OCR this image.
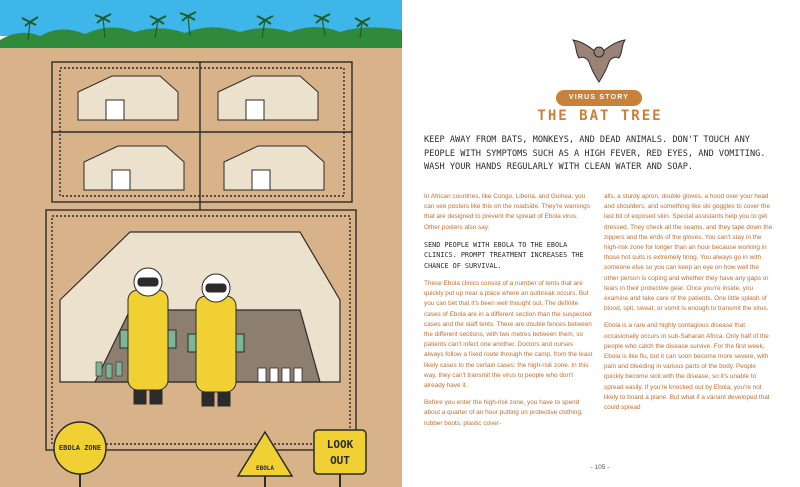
EBOLA ZONE
EBOLA
LOOK
OUT
VIRUS STORY
THE BAT TREE
KEEP AWAY FROM BATS, MONKEYS, AND DEAD ANIMALS. DON'T TOUCH ANY PEOPLE WITH SYMPTOMS SUCH AS A HIGH FEVER, RED EYES, AND VOMITING. WASH YOUR HANDS REGULARLY WITH CLEAN WATER AND SOAP.

In African countries, like Congo, Liberia, and Guinea, you can see posters like this on the roadside. They're warnings that are designed to prevent the spread of Ebola virus. Other posters also say:

SEND PEOPLE WITH EBOLA TO THE EBOLA CLINICS. PROMPT TREATMENT INCREASES THE CHANCE OF SURVIVAL.

These Ebola clinics consist of a number of tents that are quickly put up near a place where an outbreak occurs. But you can bet that it's been well thought out. The definite cases of Ebola are in a different section than the suspected cases and the staff tents. There are double fences between the different sections, with two metres between them, so patients can't infect one another. Doctors and nurses always follow a fixed route through the camp, from the least likely cases to the certain cases: the high-risk zone. In this way, they can't transmit the virus to people who don't already have it.

Before you enter the high-risk zone, you have to spend about a quarter of an hour putting on protective clothing: rubber boots, plastic cover-

alls, a sturdy apron, double gloves, a hood over your head and shoulders, and something like ski goggles to cover the last bit of exposed skin. Special assistants help you to get dressed. They check all the seams, and they tape down the zippers and the ends of the gloves. You can't stay in the high-risk zone for longer than an hour because working in those hot suits is extremely tiring. You always go in with someone else so you can keep an eye on how well the other person is coping and whether they have any gaps or tears in their protective gear. Once you're inside, you examine and take care of the patients. One little splash of blood, spit, sweat, or vomit is enough to transmit the virus.

Ebola is a rare and highly contagious disease that occasionally occurs in sub-Saharan Africa. Only half of the people who catch the disease survive. For the first week, Ebola is like flu, but it can soon become more severe, with pain and bleeding in various parts of the body. People quickly become sick with the disease, so it's unable to spread easily. If you're knocked out by Ebola, you're not likely to board a plane. But what if a variant developed that could spread

- 105 -
